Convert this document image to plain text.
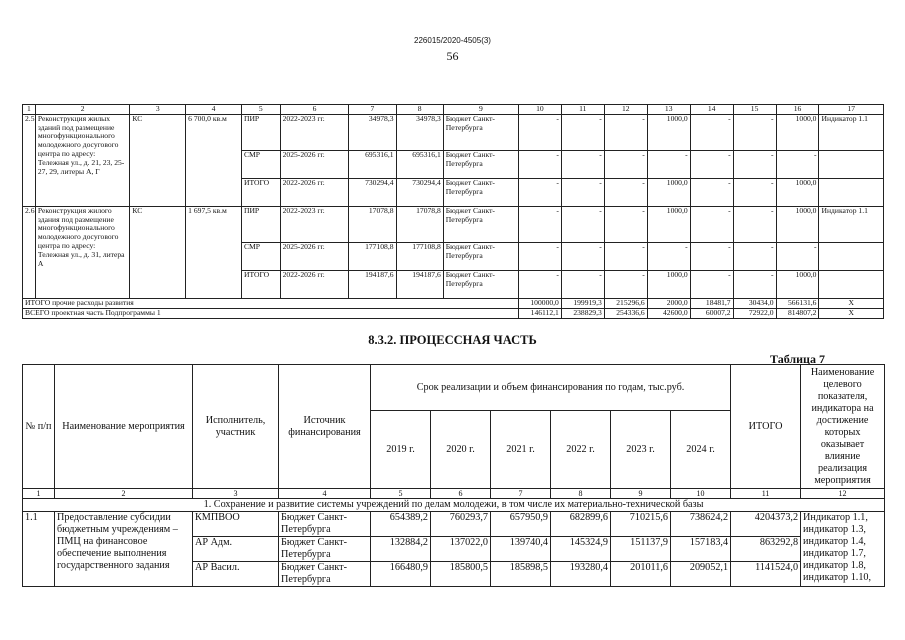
226015/2020-4505(3)
56
1	2	3	4	5	6	7	8	9	10	11	12	13	14	15	16	17
2.5	Реконструкция жилых зданий под размещение многофункционального молодежного досугового центра по адресу: Тележная ул., д. 21, 23, 25-27, 29, литеры А, Г	КС	6 700,0 кв.м	ПИР	2022-2023 гг.	34978,3	34978,3	Бюджет Санкт-Петербурга	-	-	-	1000,0	-	-	1000,0	Индикатор 1.1
				СМР	2025-2026 гг.	695316,1	695316,1	Бюджет Санкт-Петербурга	-	-	-	-	-	-	-	
				ИТОГО	2022-2026 гг.	730294,4	730294,4	Бюджет Санкт-Петербурга	-	-	-	1000,0	-	-	1000,0	
2.6	Реконструкция жилого здания под размещение многофункционального молодежного досугового центра по адресу: Тележная ул., д. 31, литера А	КС	1 697,5 кв.м	ПИР	2022-2023 гг.	17078,8	17078,8	Бюджет Санкт-Петербурга	-	-	-	1000,0	-	-	1000,0	Индикатор 1.1
				СМР	2025-2026 гг.	177108,8	177108,8	Бюджет Санкт-Петербурга	-	-	-	-	-	-	-	
				ИТОГО	2022-2026 гг.	194187,6	194187,6	Бюджет Санкт-Петербурга	-	-	-	1000,0	-	-	1000,0	
ИТОГО прочие расходы развития									100000,0	199919,3	215296,6	2000,0	18481,7	30434,0	566131,6	Х
ВСЕГО проектная часть Подпрограммы 1									146112,1	238829,3	254336,6	42600,0	60007,2	72922,0	814807,2	Х
8.3.2. ПРОЦЕССНАЯ ЧАСТЬ
Таблица 7
№ п/п	Наименование мероприятия	Исполнитель, участник	Источник финансирования	Срок реализации и объем финансирования по годам, тыс.руб.						ИТОГО	Наименование целевого показателя, индикатора на достижение которых оказывает влияние реализация мероприятия
				2019 г.	2020 г.	2021 г.	2022 г.	2023 г.	2024 г.		
1	2	3	4	5	6	7	8	9	10	11	12
1. Сохранение и развитие системы учреждений по делам молодежи, в том числе их материально-технической базы											
1.1	Предоставление субсидии бюджетным учреждениям – ПМЦ на финансовое обеспечение выполнения государственного задания	КМПВОО	Бюджет Санкт-Петербурга	654389,2	760293,7	657950,9	682899,6	710215,6	738624,2	4204373,2	Индикатор 1.1, индикатор 1.3, индикатор 1.4, индикатор 1.7, индикатор 1.8, индикатор 1.10,
		АР Адм.	Бюджет Санкт-Петербурга	132884,2	137022,0	139740,4	145324,9	151137,9	157183,4	863292,8	
		АР Васил.	Бюджет Санкт-Петербурга	166480,9	185800,5	185898,5	193280,4	201011,6	209052,1	1141524,0	
